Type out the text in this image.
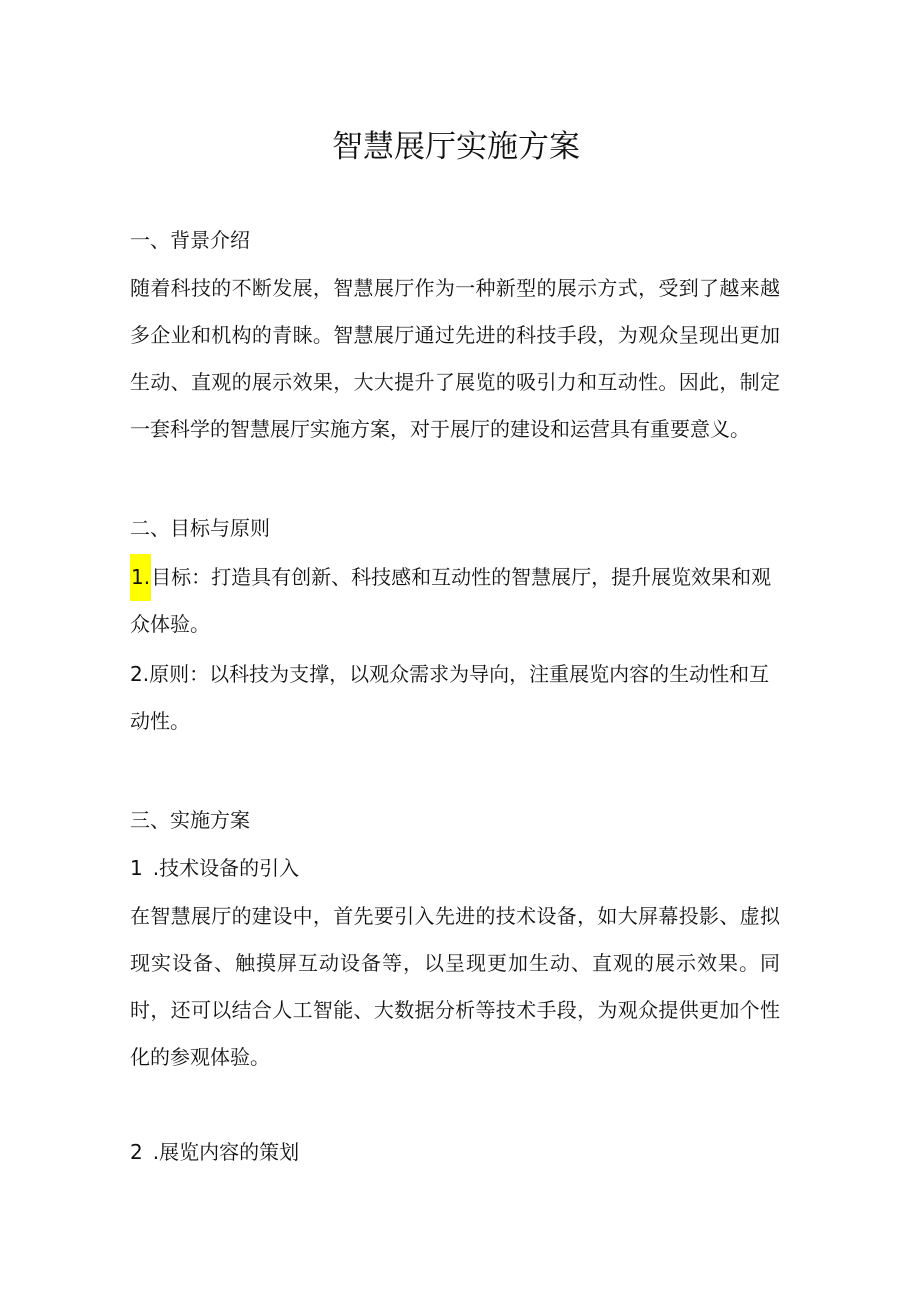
智慧展厅实施方案
一、背景介绍
随着科技的不断发展，智慧展厅作为一种新型的展示方式，受到了越来越多企业和机构的青睐。智慧展厅通过先进的科技手段，为观众呈现出更加生动、直观的展示效果，大大提升了展览的吸引力和互动性。因此，制定一套科学的智慧展厅实施方案，对于展厅的建设和运营具有重要意义。
二、目标与原则
1.目标：打造具有创新、科技感和互动性的智慧展厅，提升展览效果和观众体验。
2.原则：以科技为支撑，以观众需求为导向，注重展览内容的生动性和互动性。
三、实施方案
1 .技术设备的引入
在智慧展厅的建设中，首先要引入先进的技术设备，如大屏幕投影、虚拟现实设备、触摸屏互动设备等，以呈现更加生动、直观的展示效果。同时，还可以结合人工智能、大数据分析等技术手段，为观众提供更加个性化的参观体验。
2 .展览内容的策划
